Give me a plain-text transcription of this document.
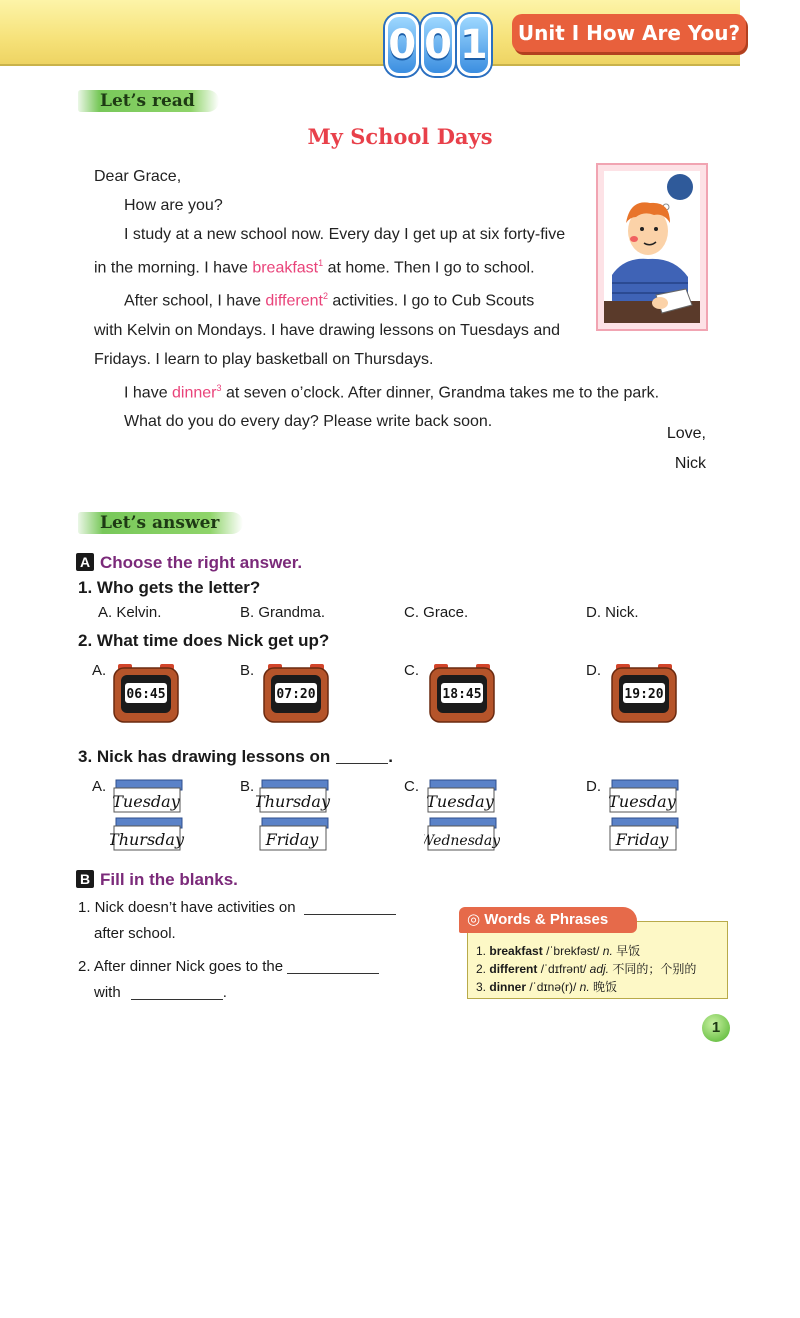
0 0 1 Unit I How Are You?
Let’s read
My School Days

Dear Grace,

How are you?

I study at a new school now. Every day I get up at six forty-five

in the morning. I have breakfast$^1$ at home. Then I go to school.

After school, I have different$^2$ activities. I go to Cub Scouts

with Kelvin on Mondays. I have drawing lessons on Tuesdays and

Fridays. I learn to play basketball on Thursdays.

I have dinner$^3$ at seven o’clock. After dinner, Grandma takes me to the park.

What do you do every day? Please write back soon.

Love,
Nick
Let’s answer
A Choose the right answer.
1. Who gets the letter?
A. Kelvin.	B. Grandma.	C. Grace.	D. Nick.
2. What time does Nick get up?
A.	B.	C.	D.
06:45	07:20	18:45	19:20
3. Nick has drawing lessons on	.
A.	B.	C.	D.
Tuesday
Thursday
Thursday
Friday
Tuesday
Wednesday
Tuesday
Friday
B Fill in the blanks.
1. Nick doesn’t have activities on
after school.
2. After dinner Nick goes to the
with	.
1. breakfast /ˈbrekfəst/ n. 早饭
2. different /ˈdɪfrənt/ adj. 不同的；个别的
3. dinner /ˈdɪnə(r)/ n. 晚饭
◎ Words & Phrases
1
